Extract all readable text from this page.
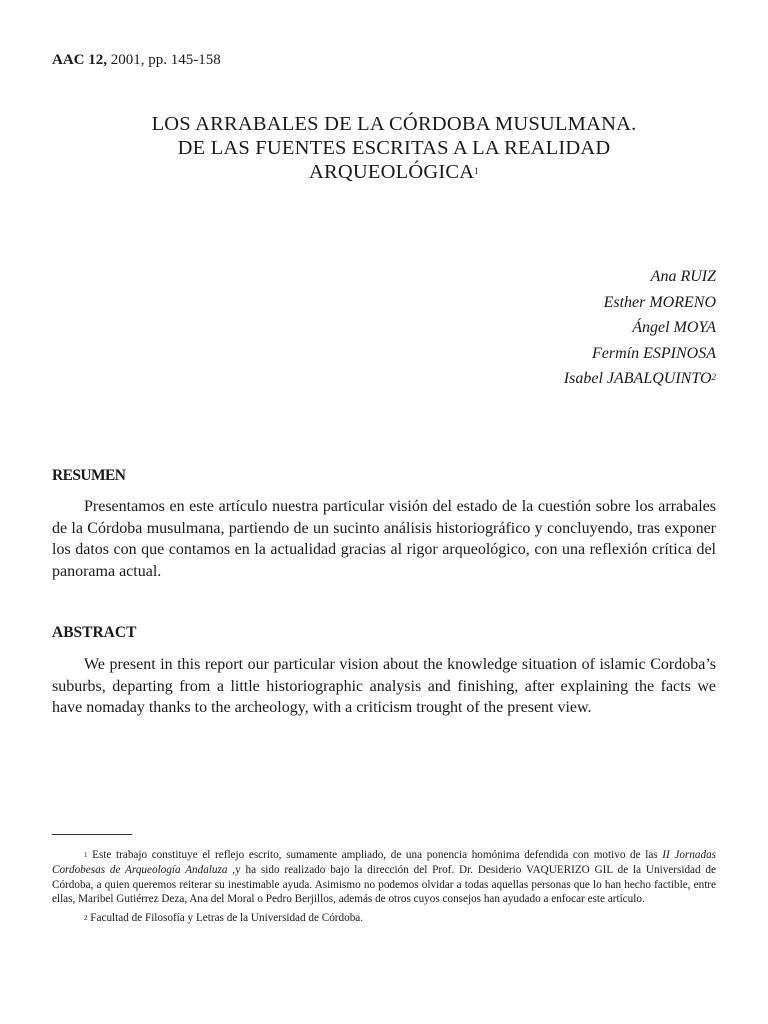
AAC 12, 2001, pp. 145-158
LOS ARRABALES DE LA CÓRDOBA MUSULMANA.
DE LAS FUENTES ESCRITAS A LA REALIDAD
ARQUEOLÓGICA$^1$
Ana RUIZ
Esther MORENO
Ángel MOYA
Fermín ESPINOSA
Isabel JABALQUINTO$^2$
RESUMEN

Presentamos en este artículo nuestra particular visión del estado de la cuestión sobre los arrabales de la Córdoba musulmana, partiendo de un sucinto análisis historiográfico y concluyendo, tras exponer los datos con que contamos en la actualidad gracias al rigor arqueológico, con una reflexión crítica del panorama actual.

ABSTRACT

We present in this report our particular vision about the knowledge situation of islamic Cordoba’s suburbs, departing from a little historiographic analysis and finishing, after explaining the facts we have nomaday thanks to the archeology, with a criticism trought of the present view.

$^1$ Este trabajo constituye el reflejo escrito, sumamente ampliado, de una ponencia homónima defendida con motivo de las II Jornadas Cordobesas de Arqueología Andaluza ,y ha sido realizado bajo la dirección del Prof. Dr. Desiderio VAQUERIZO GIL de la Universidad de Córdoba, a quien queremos reiterar su inestimable ayuda. Asimismo no podemos olvidar a todas aquellas personas que lo han hecho factible, entre ellas, Maribel Gutiérrez Deza, Ana del Moral o Pedro Berjillos, además de otros cuyos consejos han ayudado a enfocar este artículo.

$^2$ Facultad de Filosofía y Letras de la Universidad de Córdoba.
